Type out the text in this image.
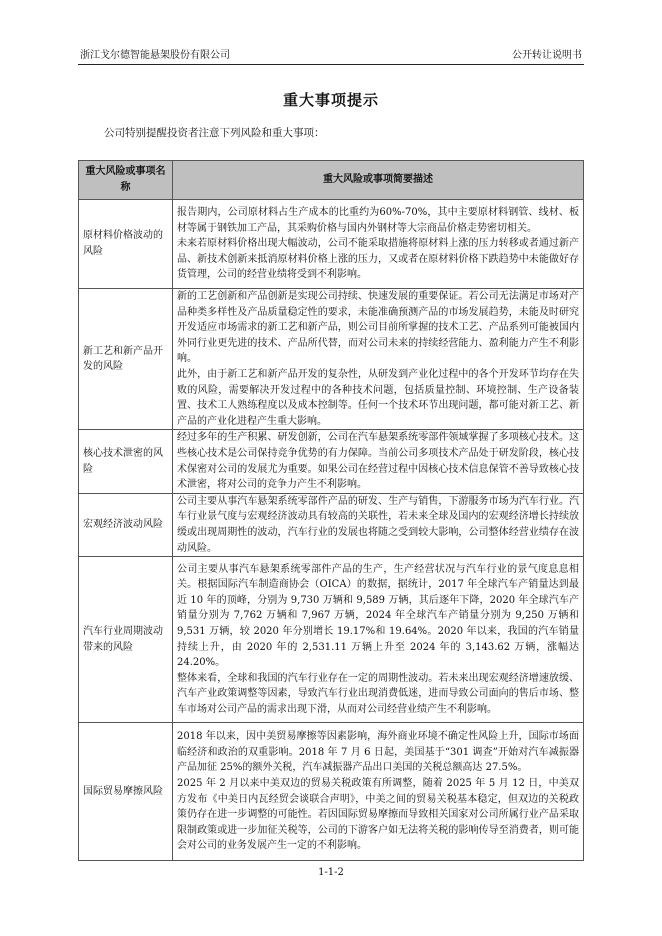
浙江戈尔德智能悬架股份有限公司	公开转让说明书
重大事项提示
公司特别提醒投资者注意下列风险和重大事项：
重大风险或事项名称	重大风险或事项简要描述
原材料价格波动的风险	报告期内，公司原材料占生产成本的比重约为60%-70%，其中主要原材料钢管、线材、板材等属于钢铁加工产品，其采购价格与国内外钢材等大宗商品价格走势密切相关。

未来若原材料价格出现大幅波动，公司不能采取措施将原材料上涨的压力转移或者通过新产品、新技术创新来抵消原材料价格上涨的压力，又或者在原材料价格下跌趋势中未能做好存货管理，公司的经营业绩将受到不利影响。

新工艺和新产品开发的风险	新的工艺创新和产品创新是实现公司持续、快速发展的重要保证。若公司无法满足市场对产品种类多样性及产品质量稳定性的要求，未能准确预测产品的市场发展趋势，未能及时研究开发适应市场需求的新工艺和新产品，则公司目前所掌握的技术工艺、产品系列可能被国内外同行业更先进的技术、产品所代替，而对公司未来的持续经营能力、盈利能力产生不利影响。

此外，由于新工艺和新产品开发的复杂性，从研发到产业化过程中的各个开发环节均存在失败的风险，需要解决开发过程中的各种技术问题，包括质量控制、环境控制、生产设备装置、技术工人熟练程度以及成本控制等。任何一个技术环节出现问题，都可能对新工艺、新产品的产业化进程产生重大影响。

核心技术泄密的风险	经过多年的生产积累、研发创新，公司在汽车悬架系统零部件领域掌握了多项核心技术。这些核心技术是公司保持竞争优势的有力保障。当前公司多项技术产品处于研发阶段，核心技术保密对公司的发展尤为重要。如果公司在经营过程中因核心技术信息保管不善导致核心技术泄密，将对公司的竞争力产生不利影响。

宏观经济波动风险	公司主要从事汽车悬架系统零部件产品的研发、生产与销售，下游服务市场为汽车行业。汽车行业景气度与宏观经济波动具有较高的关联性，若未来全球及国内的宏观经济增长持续放缓或出现周期性的波动，汽车行业的发展也将随之受到较大影响，公司整体经营业绩存在波动风险。

汽车行业周期波动带来的风险	公司主要从事汽车悬架系统零部件产品的生产，生产经营状况与汽车行业的景气度息息相关。根据国际汽车制造商协会（OICA）的数据，据统计，2017 年全球汽车产销量达到最近 10 年的顶峰，分别为 9,730 万辆和 9,589 万辆，其后逐年下降，2020 年全球汽车产销量分别为 7,762 万辆和 7,967 万辆，2024 年全球汽车产销量分别为 9,250 万辆和 9,531 万辆，较 2020 年分别增长 19.17%和 19.64%。2020 年以来，我国的汽车销量持续上升，由 2020 年的 2,531.11 万辆上升至 2024 年的 3,143.62 万辆，涨幅达 24.20%。

整体来看，全球和我国的汽车行业存在一定的周期性波动。若未来出现宏观经济增速放缓、汽车产业政策调整等因素，导致汽车行业出现消费低迷，进而导致公司面向的售后市场、整车市场对公司产品的需求出现下滑，从而对公司经营业绩产生不利影响。

国际贸易摩擦风险	2018 年以来，因中美贸易摩擦等因素影响，海外商业环境不确定性风险上升，国际市场面临经济和政治的双重影响。2018 年 7 月 6 日起，美国基于“301 调查”开始对汽车减振器产品加征 25%的额外关税，汽车减振器产品出口美国的关税总额高达 27.5%。

2025 年 2 月以来中美双边的贸易关税政策有所调整，随着 2025 年 5 月 12 日，中美双方发布《中美日内瓦经贸会谈联合声明》，中美之间的贸易关税基本稳定，但双边的关税政策仍存在进一步调整的可能性。若因国际贸易摩擦而导致相关国家对公司所属行业产品采取限制政策或进一步加征关税等，公司的下游客户如无法将关税的影响传导至消费者，则可能会对公司的业务发展产生一定的不利影响。

1-1-2
